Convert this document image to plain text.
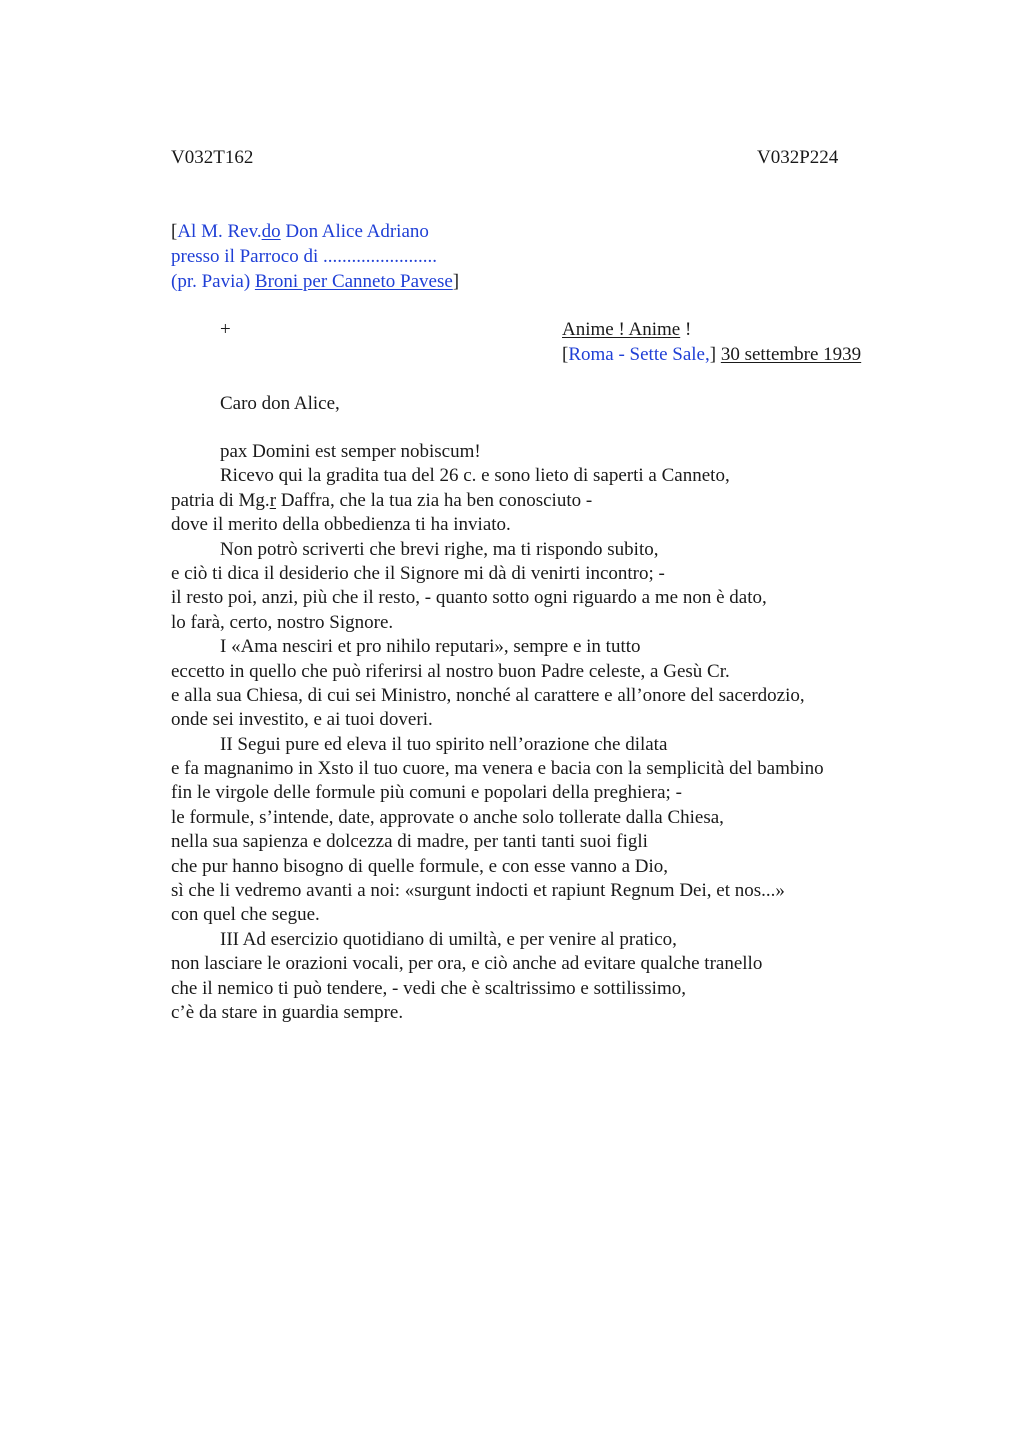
V032T162	V032P224
[Al M. Rev.do Don Alice Adriano
presso il Parroco di ........................
(pr. Pavia) Broni per Canneto Pavese]
+	Anime ! Anime !
[Roma - Sette Sale,] 30 settembre 1939
Caro don Alice,
pax Domini est semper nobiscum!
Ricevo qui la gradita tua del 26 c. e sono lieto di saperti a Canneto,
patria di Mg.r Daffra, che la tua zia ha ben conosciuto -
dove il merito della obbedienza ti ha inviato.
Non potrò scriverti che brevi righe, ma ti rispondo subito,
e ciò ti dica il desiderio che il Signore mi dà di venirti incontro; -
il resto poi, anzi, più che il resto, - quanto sotto ogni riguardo a me non è dato,
lo farà, certo, nostro Signore.
I «Ama nesciri et pro nihilo reputari», sempre e in tutto
eccetto in quello che può riferirsi al nostro buon Padre celeste, a Gesù Cr.
e alla sua Chiesa, di cui sei Ministro, nonché al carattere e all’onore del sacerdozio,
onde sei investito, e ai tuoi doveri.
II Segui pure ed eleva il tuo spirito nell’orazione che dilata
e fa magnanimo in Xsto il tuo cuore, ma venera e bacia con la semplicità del bambino
fin le virgole delle formule più comuni e popolari della preghiera; -
le formule, s’intende, date, approvate o anche solo tollerate dalla Chiesa,
nella sua sapienza e dolcezza di madre, per tanti tanti suoi figli
che pur hanno bisogno di quelle formule, e con esse vanno a Dio,
sì che li vedremo avanti a noi: «surgunt indocti et rapiunt Regnum Dei, et nos...»
con quel che segue.
III Ad esercizio quotidiano di umiltà, e per venire al pratico,
non lasciare le orazioni vocali, per ora, e ciò anche ad evitare qualche tranello
che il nemico ti può tendere, - vedi che è scaltrissimo e sottilissimo,
c’è da stare in guardia sempre.
